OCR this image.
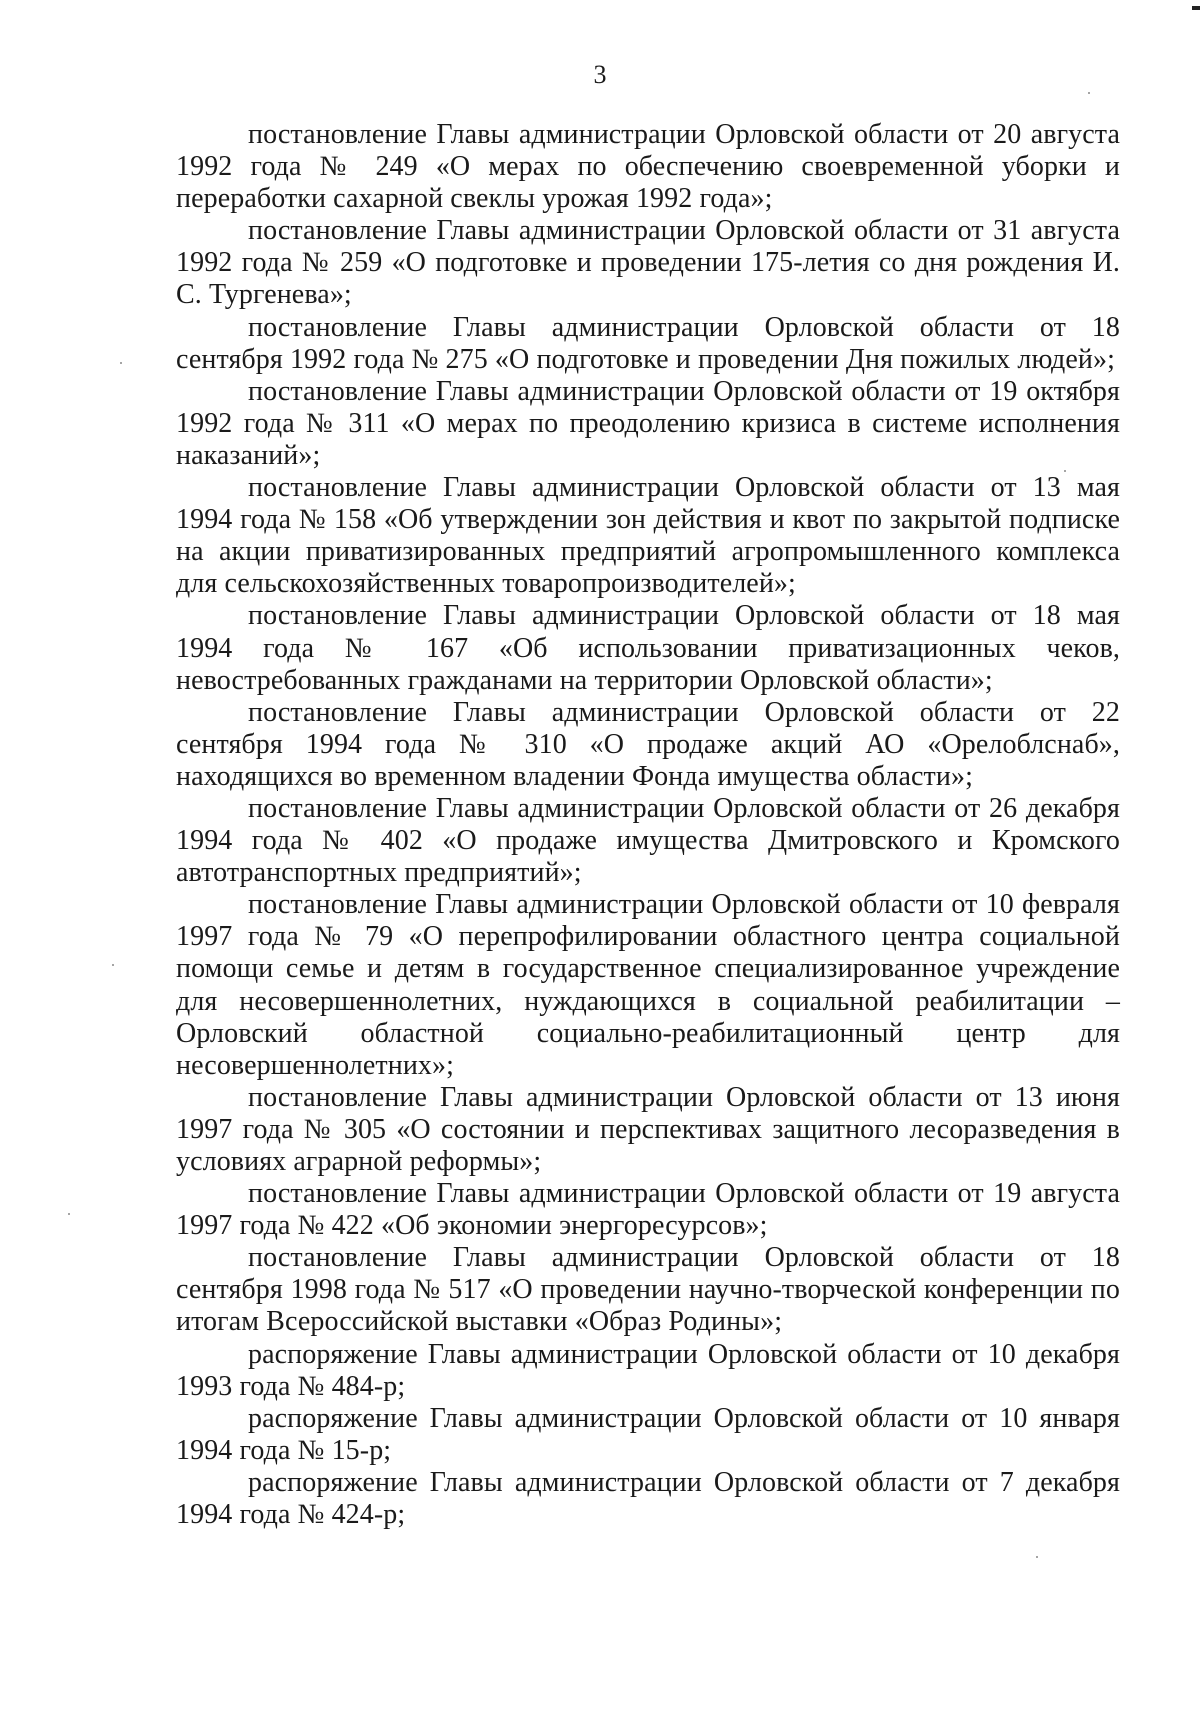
3

постановление Главы администрации Орловской области от 20 августа 1992 года № 249 «О мерах по обеспечению своевременной уборки и переработки сахарной свеклы урожая 1992 года»;

постановление Главы администрации Орловской области от 31 августа 1992 года № 259 «О подготовке и проведении 175-летия со дня рождения И. С. Тургенева»;

постановление Главы администрации Орловской области от 18 сентября 1992 года № 275 «О подготовке и проведении Дня пожилых людей»;

постановление Главы администрации Орловской области от 19 октября 1992 года № 311 «О мерах по преодолению кризиса в системе исполнения наказаний»;

постановление Главы администрации Орловской области от 13 мая 1994 года № 158 «Об утверждении зон действия и квот по закрытой подписке на акции приватизированных предприятий агропромышленного комплекса для сельскохозяйственных товаропроизводителей»;

постановление Главы администрации Орловской области от 18 мая 1994 года № 167 «Об использовании приватизационных чеков, невостребованных гражданами на территории Орловской области»;

постановление Главы администрации Орловской области от 22 сентября 1994 года № 310 «О продаже акций АО «Орелоблснаб», находящихся во временном владении Фонда имущества области»;

постановление Главы администрации Орловской области от 26 декабря 1994 года № 402 «О продаже имущества Дмитровского и Кромского автотранспортных предприятий»;

постановление Главы администрации Орловской области от 10 февраля 1997 года № 79 «О перепрофилировании областного центра социальной помощи семье и детям в государственное специализированное учреждение для несовершеннолетних, нуждающихся в социальной реабилитации – Орловский областной социально-реабилитационный центр для несовершеннолетних»;

постановление Главы администрации Орловской области от 13 июня 1997 года № 305 «О состоянии и перспективах защитного лесоразведения в условиях аграрной реформы»;

постановление Главы администрации Орловской области от 19 августа 1997 года № 422 «Об экономии энергоресурсов»;

постановление Главы администрации Орловской области от 18 сентября 1998 года № 517 «О проведении научно-творческой конференции по итогам Всероссийской выставки «Образ Родины»;

распоряжение Главы администрации Орловской области от 10 декабря 1993 года № 484-р;

распоряжение Главы администрации Орловской области от 10 января 1994 года № 15-р;

распоряжение Главы администрации Орловской области от 7 декабря 1994 года № 424-р;
